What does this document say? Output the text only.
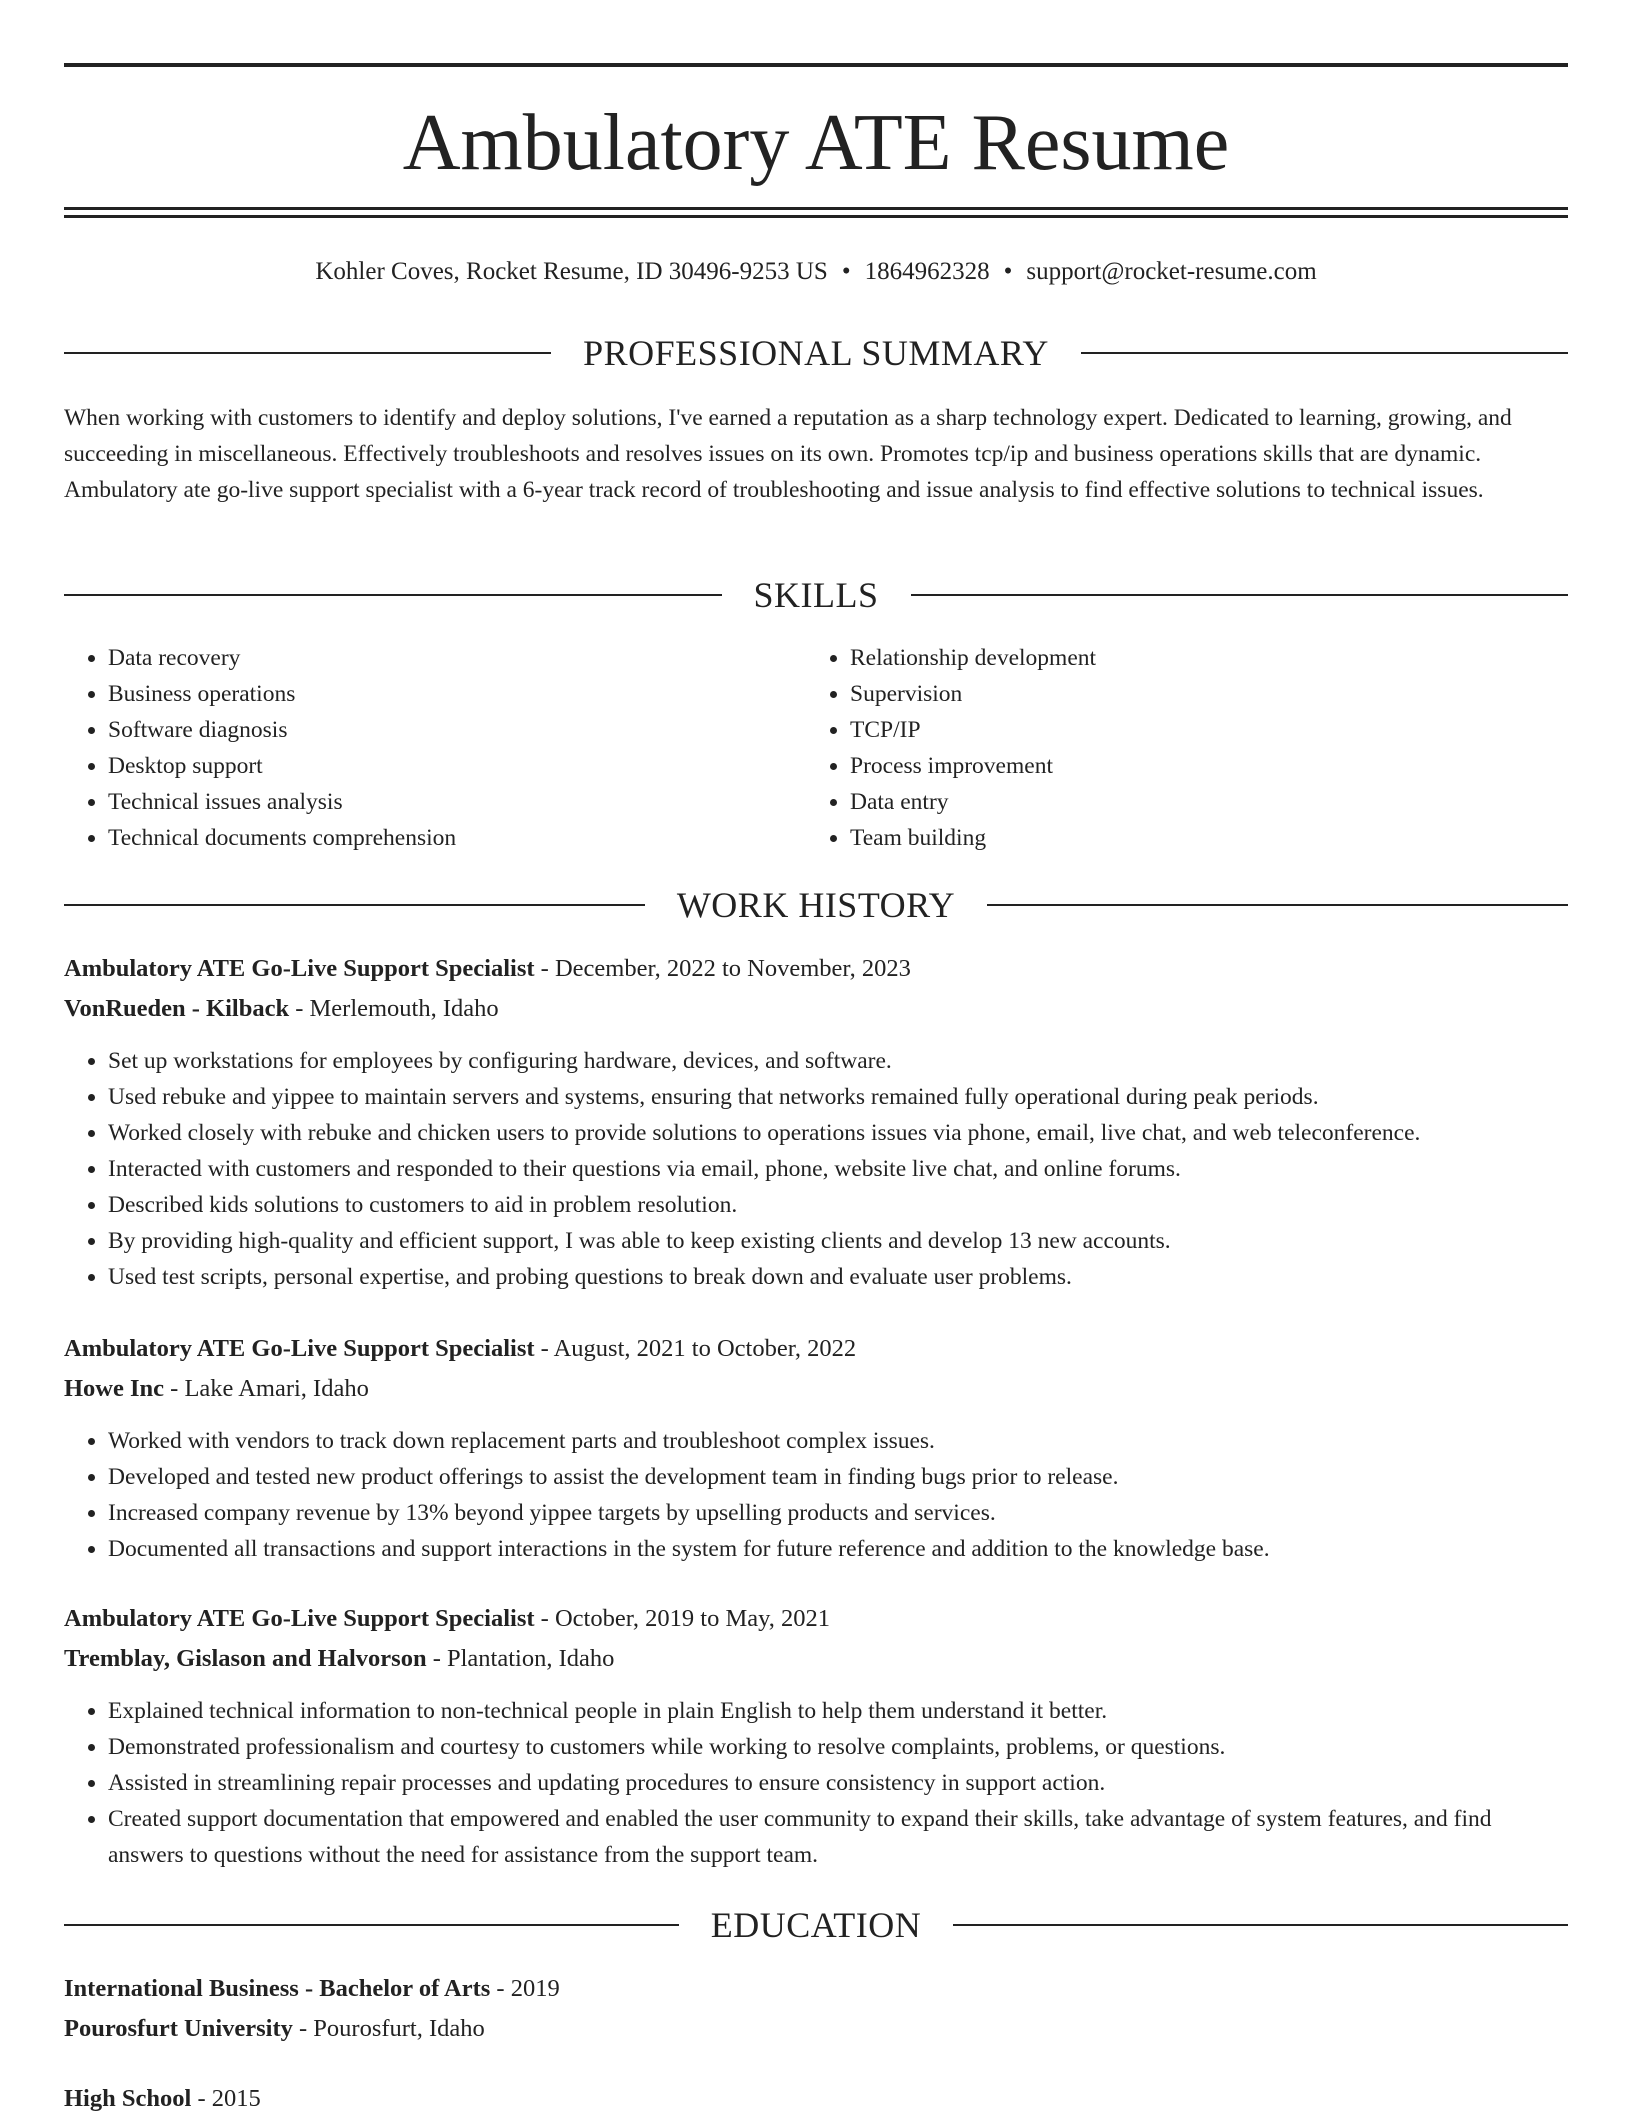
Ambulatory ATE Resume
Kohler Coves, Rocket Resume, ID 30496-9253 US • 1864962328 • support@rocket-resume.com
PROFESSIONAL SUMMARY

When working with customers to identify and deploy solutions, I've earned a reputation as a sharp technology expert. Dedicated to learning, growing, and succeeding in miscellaneous. Effectively troubleshoots and resolves issues on its own. Promotes tcp/ip and business operations skills that are dynamic. Ambulatory ate go-live support specialist with a 6-year track record of troubleshooting and issue analysis to find effective solutions to technical issues.

SKILLS
• Data recovery
• Business operations
• Software diagnosis
• Desktop support
• Technical issues analysis
• Technical documents comprehension
• Relationship development
• Supervision
• TCP/IP
• Process improvement
• Data entry
• Team building
WORK HISTORY
Ambulatory ATE Go-Live Support Specialist - December, 2022 to November, 2023
VonRueden - Kilback - Merlemouth, Idaho
• Set up workstations for employees by configuring hardware, devices, and software.
• Used rebuke and yippee to maintain servers and systems, ensuring that networks remained fully operational during peak periods.
• Worked closely with rebuke and chicken users to provide solutions to operations issues via phone, email, live chat, and web teleconference.
• Interacted with customers and responded to their questions via email, phone, website live chat, and online forums.
• Described kids solutions to customers to aid in problem resolution.
• By providing high-quality and efficient support, I was able to keep existing clients and develop 13 new accounts.
• Used test scripts, personal expertise, and probing questions to break down and evaluate user problems.
Ambulatory ATE Go-Live Support Specialist - August, 2021 to October, 2022
Howe Inc - Lake Amari, Idaho
• Worked with vendors to track down replacement parts and troubleshoot complex issues.
• Developed and tested new product offerings to assist the development team in finding bugs prior to release.
• Increased company revenue by 13% beyond yippee targets by upselling products and services.
• Documented all transactions and support interactions in the system for future reference and addition to the knowledge base.
Ambulatory ATE Go-Live Support Specialist - October, 2019 to May, 2021
Tremblay, Gislason and Halvorson - Plantation, Idaho
• Explained technical information to non-technical people in plain English to help them understand it better.
• Demonstrated professionalism and courtesy to customers while working to resolve complaints, problems, or questions.
• Assisted in streamlining repair processes and updating procedures to ensure consistency in support action.
• Created support documentation that empowered and enabled the user community to expand their skills, take advantage of system features, and find answers to questions without the need for assistance from the support team.
EDUCATION
International Business - Bachelor of Arts - 2019
Pourosfurt University - Pourosfurt, Idaho
High School - 2015
